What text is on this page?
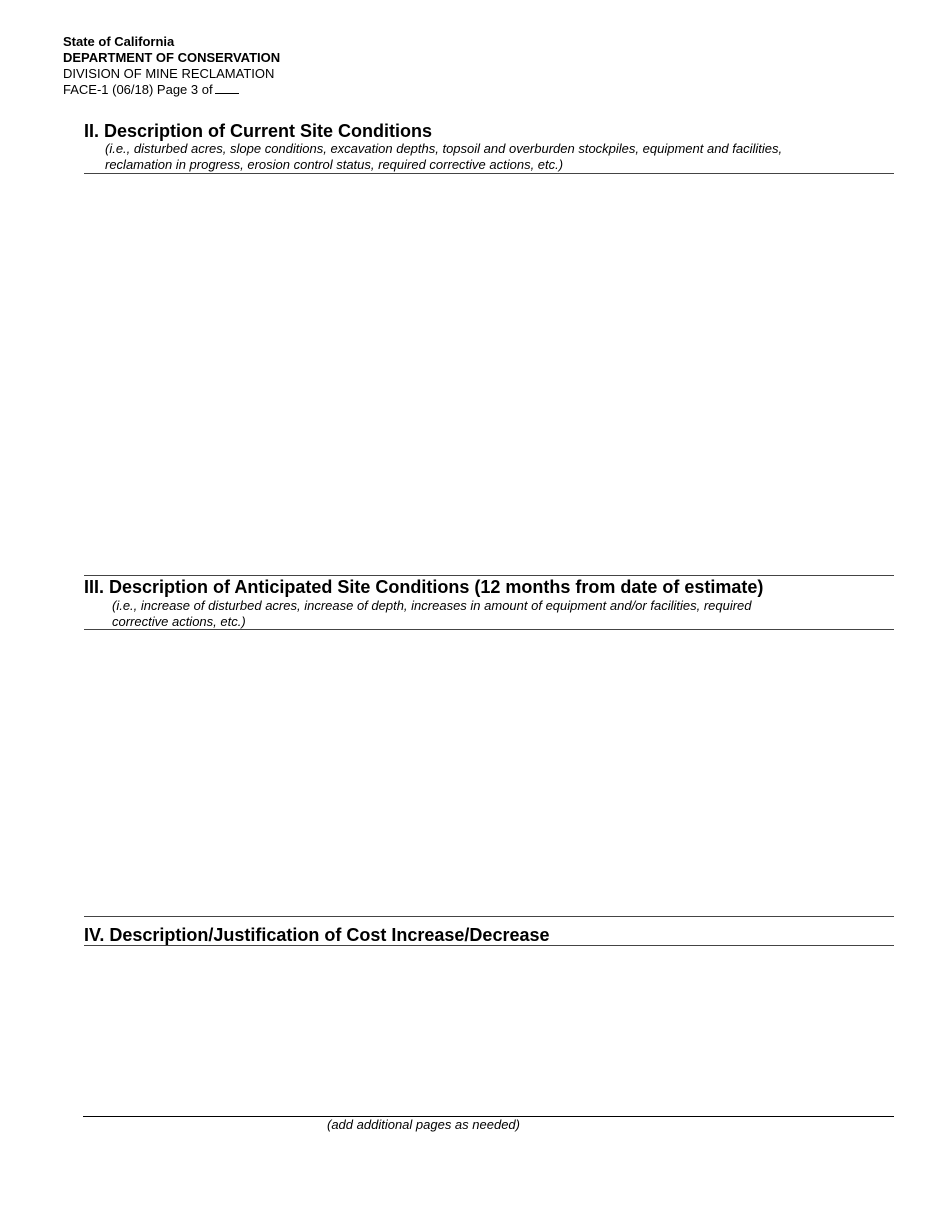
State of California
DEPARTMENT OF CONSERVATION
DIVISION OF MINE RECLAMATION
FACE-1 (06/18) Page 3 of
II. Description of Current Site Conditions
(i.e., disturbed acres, slope conditions, excavation depths, topsoil and overburden stockpiles, equipment and facilities,
reclamation in progress, erosion control status, required corrective actions, etc.)
III. Description of Anticipated Site Conditions (12 months from date of estimate)
(i.e., increase of disturbed acres, increase of depth, increases in amount of equipment and/or facilities, required
corrective actions, etc.)
IV. Description/Justification of Cost Increase/Decrease
(add additional pages as needed)
